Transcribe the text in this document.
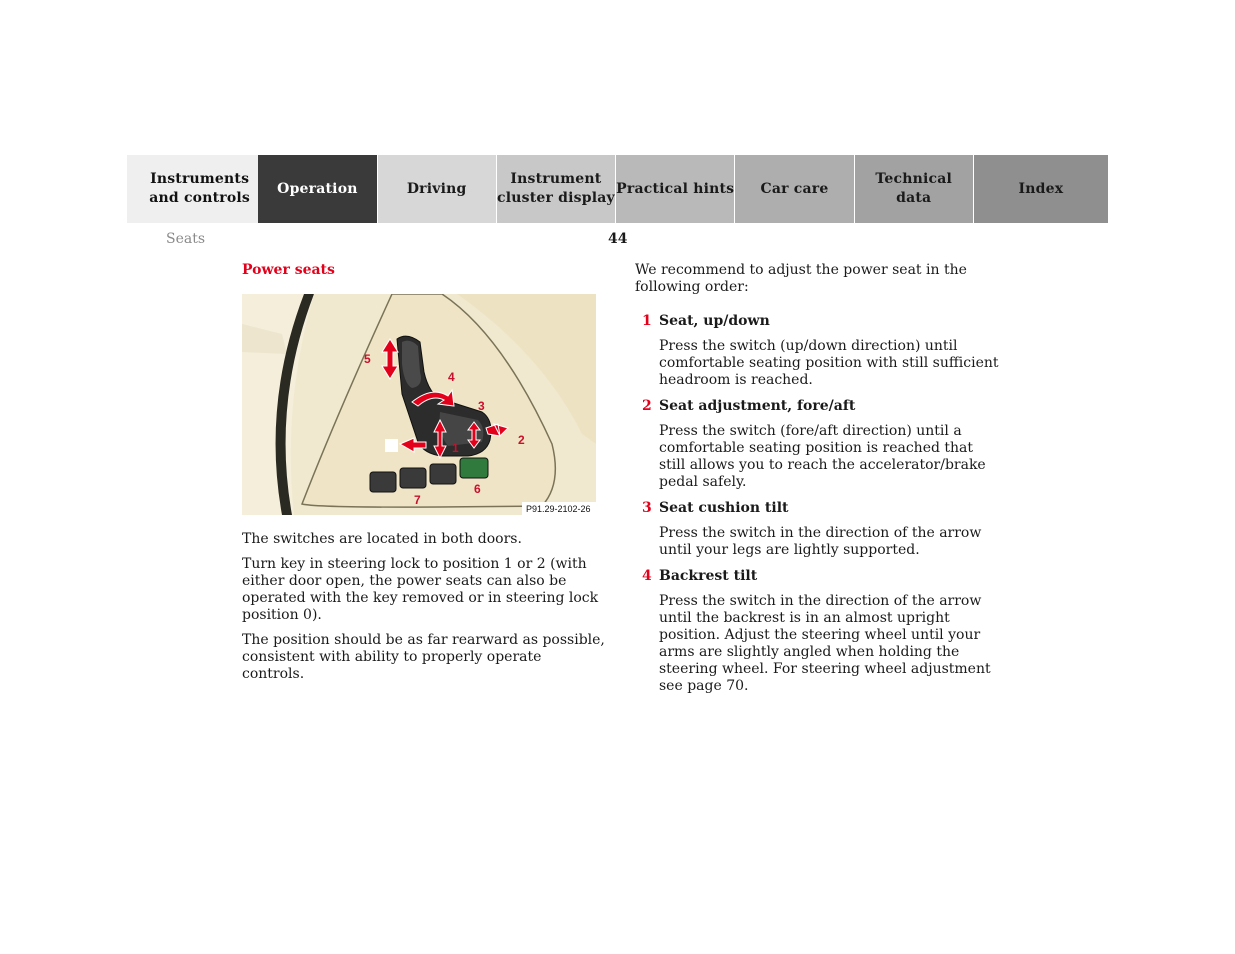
Instruments
and controls
Operation	Driving
Instrument
cluster display
Practical hints Car care
Technical
data
Index
Seats	44
Power seats
1
2
3
4
5
6
7
P91.29-2102-26

The switches are located in both doors.

Turn key in steering lock to position 1 or 2 (with either door open, the power seats can also be operated with the key removed or in steering lock position 0).

The position should be as far rearward as possible, consistent with ability to properly operate controls.

We recommend to adjust the power seat in the following order:

1 Seat, up/down

Press the switch (up/down direction) until comfortable seating position with still sufficient headroom is reached.

2 Seat adjustment, fore/aft

Press the switch (fore/aft direction) until a comfortable seating position is reached that still allows you to reach the accelerator/brake pedal safely.

3 Seat cushion tilt

Press the switch in the direction of the arrow until your legs are lightly supported.

4 Backrest tilt

Press the switch in the direction of the arrow until the backrest is in an almost upright position. Adjust the steering wheel until your arms are slightly angled when holding the steering wheel. For steering wheel adjustment see page 70.
